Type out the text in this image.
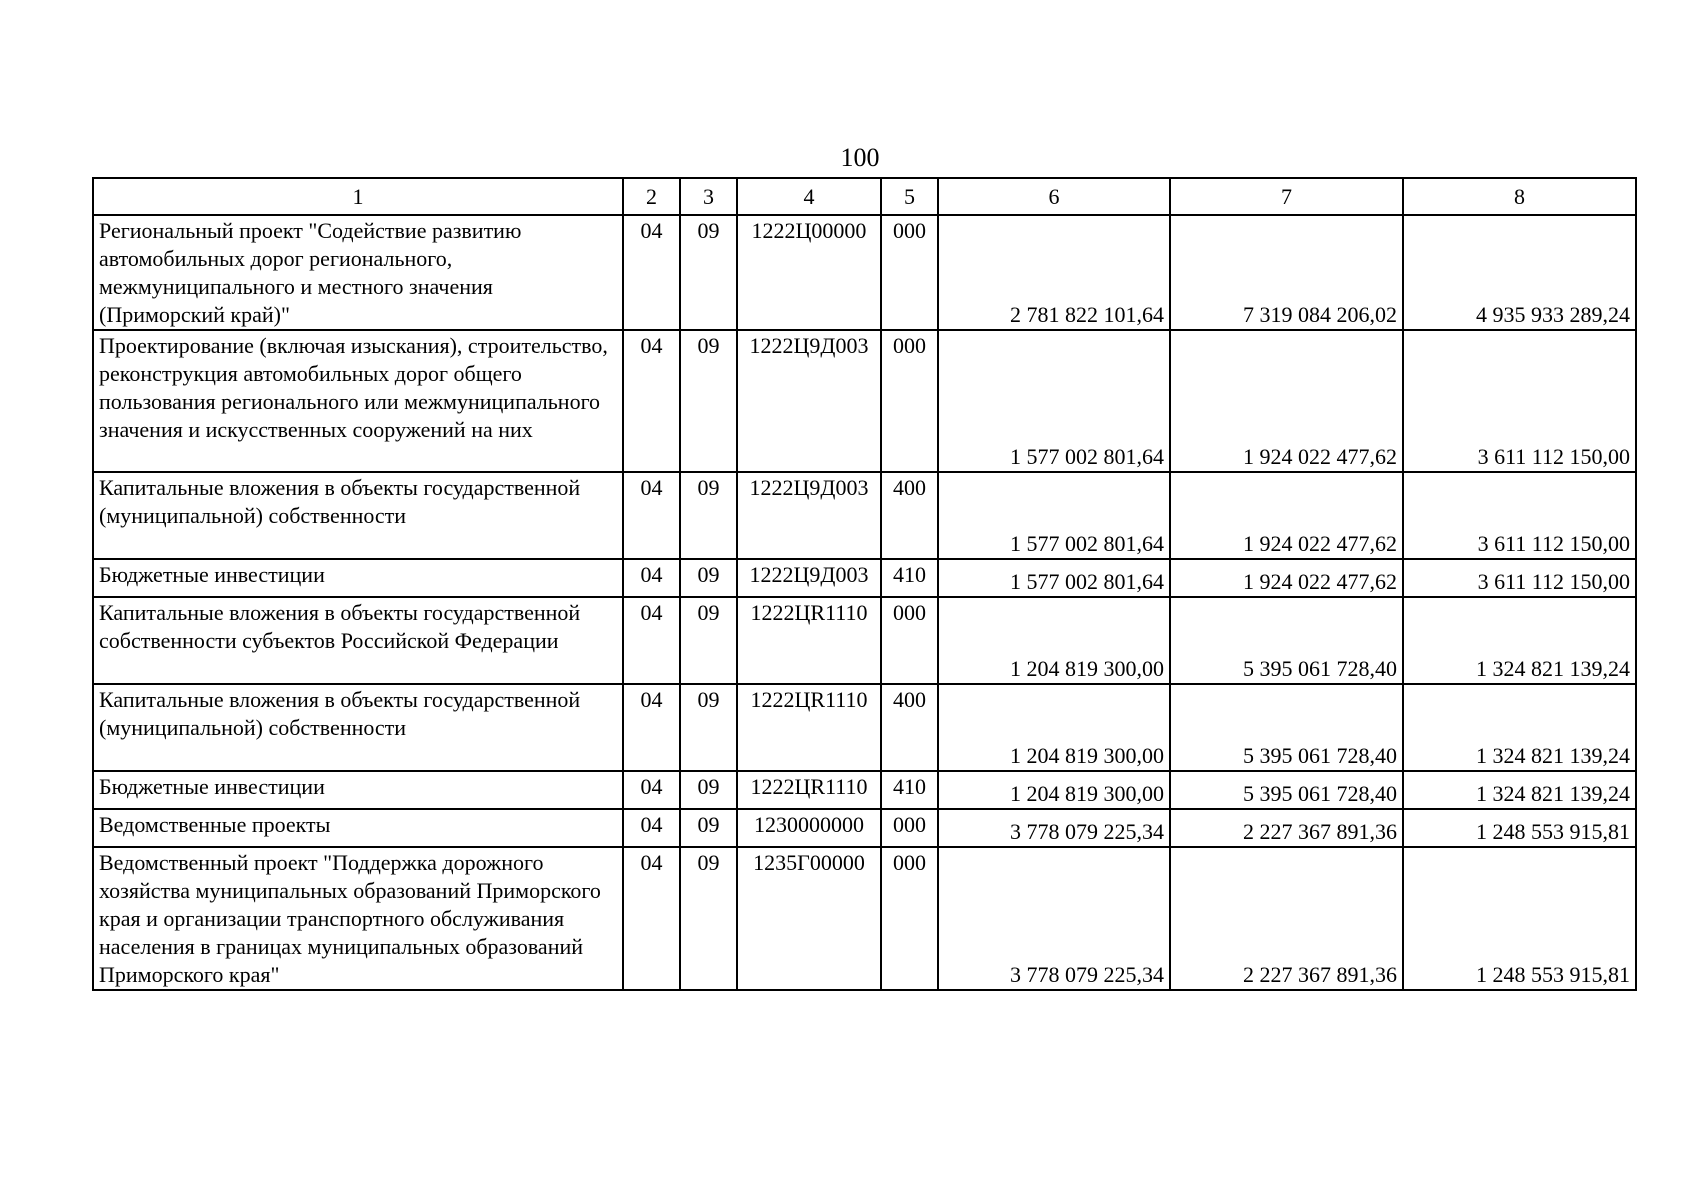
100
1	2	3	4	5	6	7	8
Региональный проект "Содействие развитию автомобильных дорог регионального, межмуниципального и местного значения (Приморский край)"	04	09	1222Ц00000	000	2 781 822 101,64	7 319 084 206,02	4 935 933 289,24
Проектирование (включая изыскания), строительство, реконструкция автомобильных дорог общего пользования регионального или межмуниципального значения и искусственных сооружений на них	04	09	1222Ц9Д003	000	1 577 002 801,64	1 924 022 477,62	3 611 112 150,00
Капитальные вложения в объекты государственной (муниципальной) собственности	04	09	1222Ц9Д003	400	1 577 002 801,64	1 924 022 477,62	3 611 112 150,00
Бюджетные инвестиции	04	09	1222Ц9Д003	410	1 577 002 801,64	1 924 022 477,62	3 611 112 150,00
Капитальные вложения в объекты государственной собственности субъектов Российской Федерации	04	09	1222ЦR1110	000	1 204 819 300,00	5 395 061 728,40	1 324 821 139,24
Капитальные вложения в объекты государственной (муниципальной) собственности	04	09	1222ЦR1110	400	1 204 819 300,00	5 395 061 728,40	1 324 821 139,24
Бюджетные инвестиции	04	09	1222ЦR1110	410	1 204 819 300,00	5 395 061 728,40	1 324 821 139,24
Ведомственные проекты	04	09	1230000000	000	3 778 079 225,34	2 227 367 891,36	1 248 553 915,81
Ведомственный проект "Поддержка дорожного хозяйства муниципальных образований Приморского края и организации транспортного обслуживания населения в границах муниципальных образований Приморского края"	04	09	1235Г00000	000	3 778 079 225,34	2 227 367 891,36	1 248 553 915,81
